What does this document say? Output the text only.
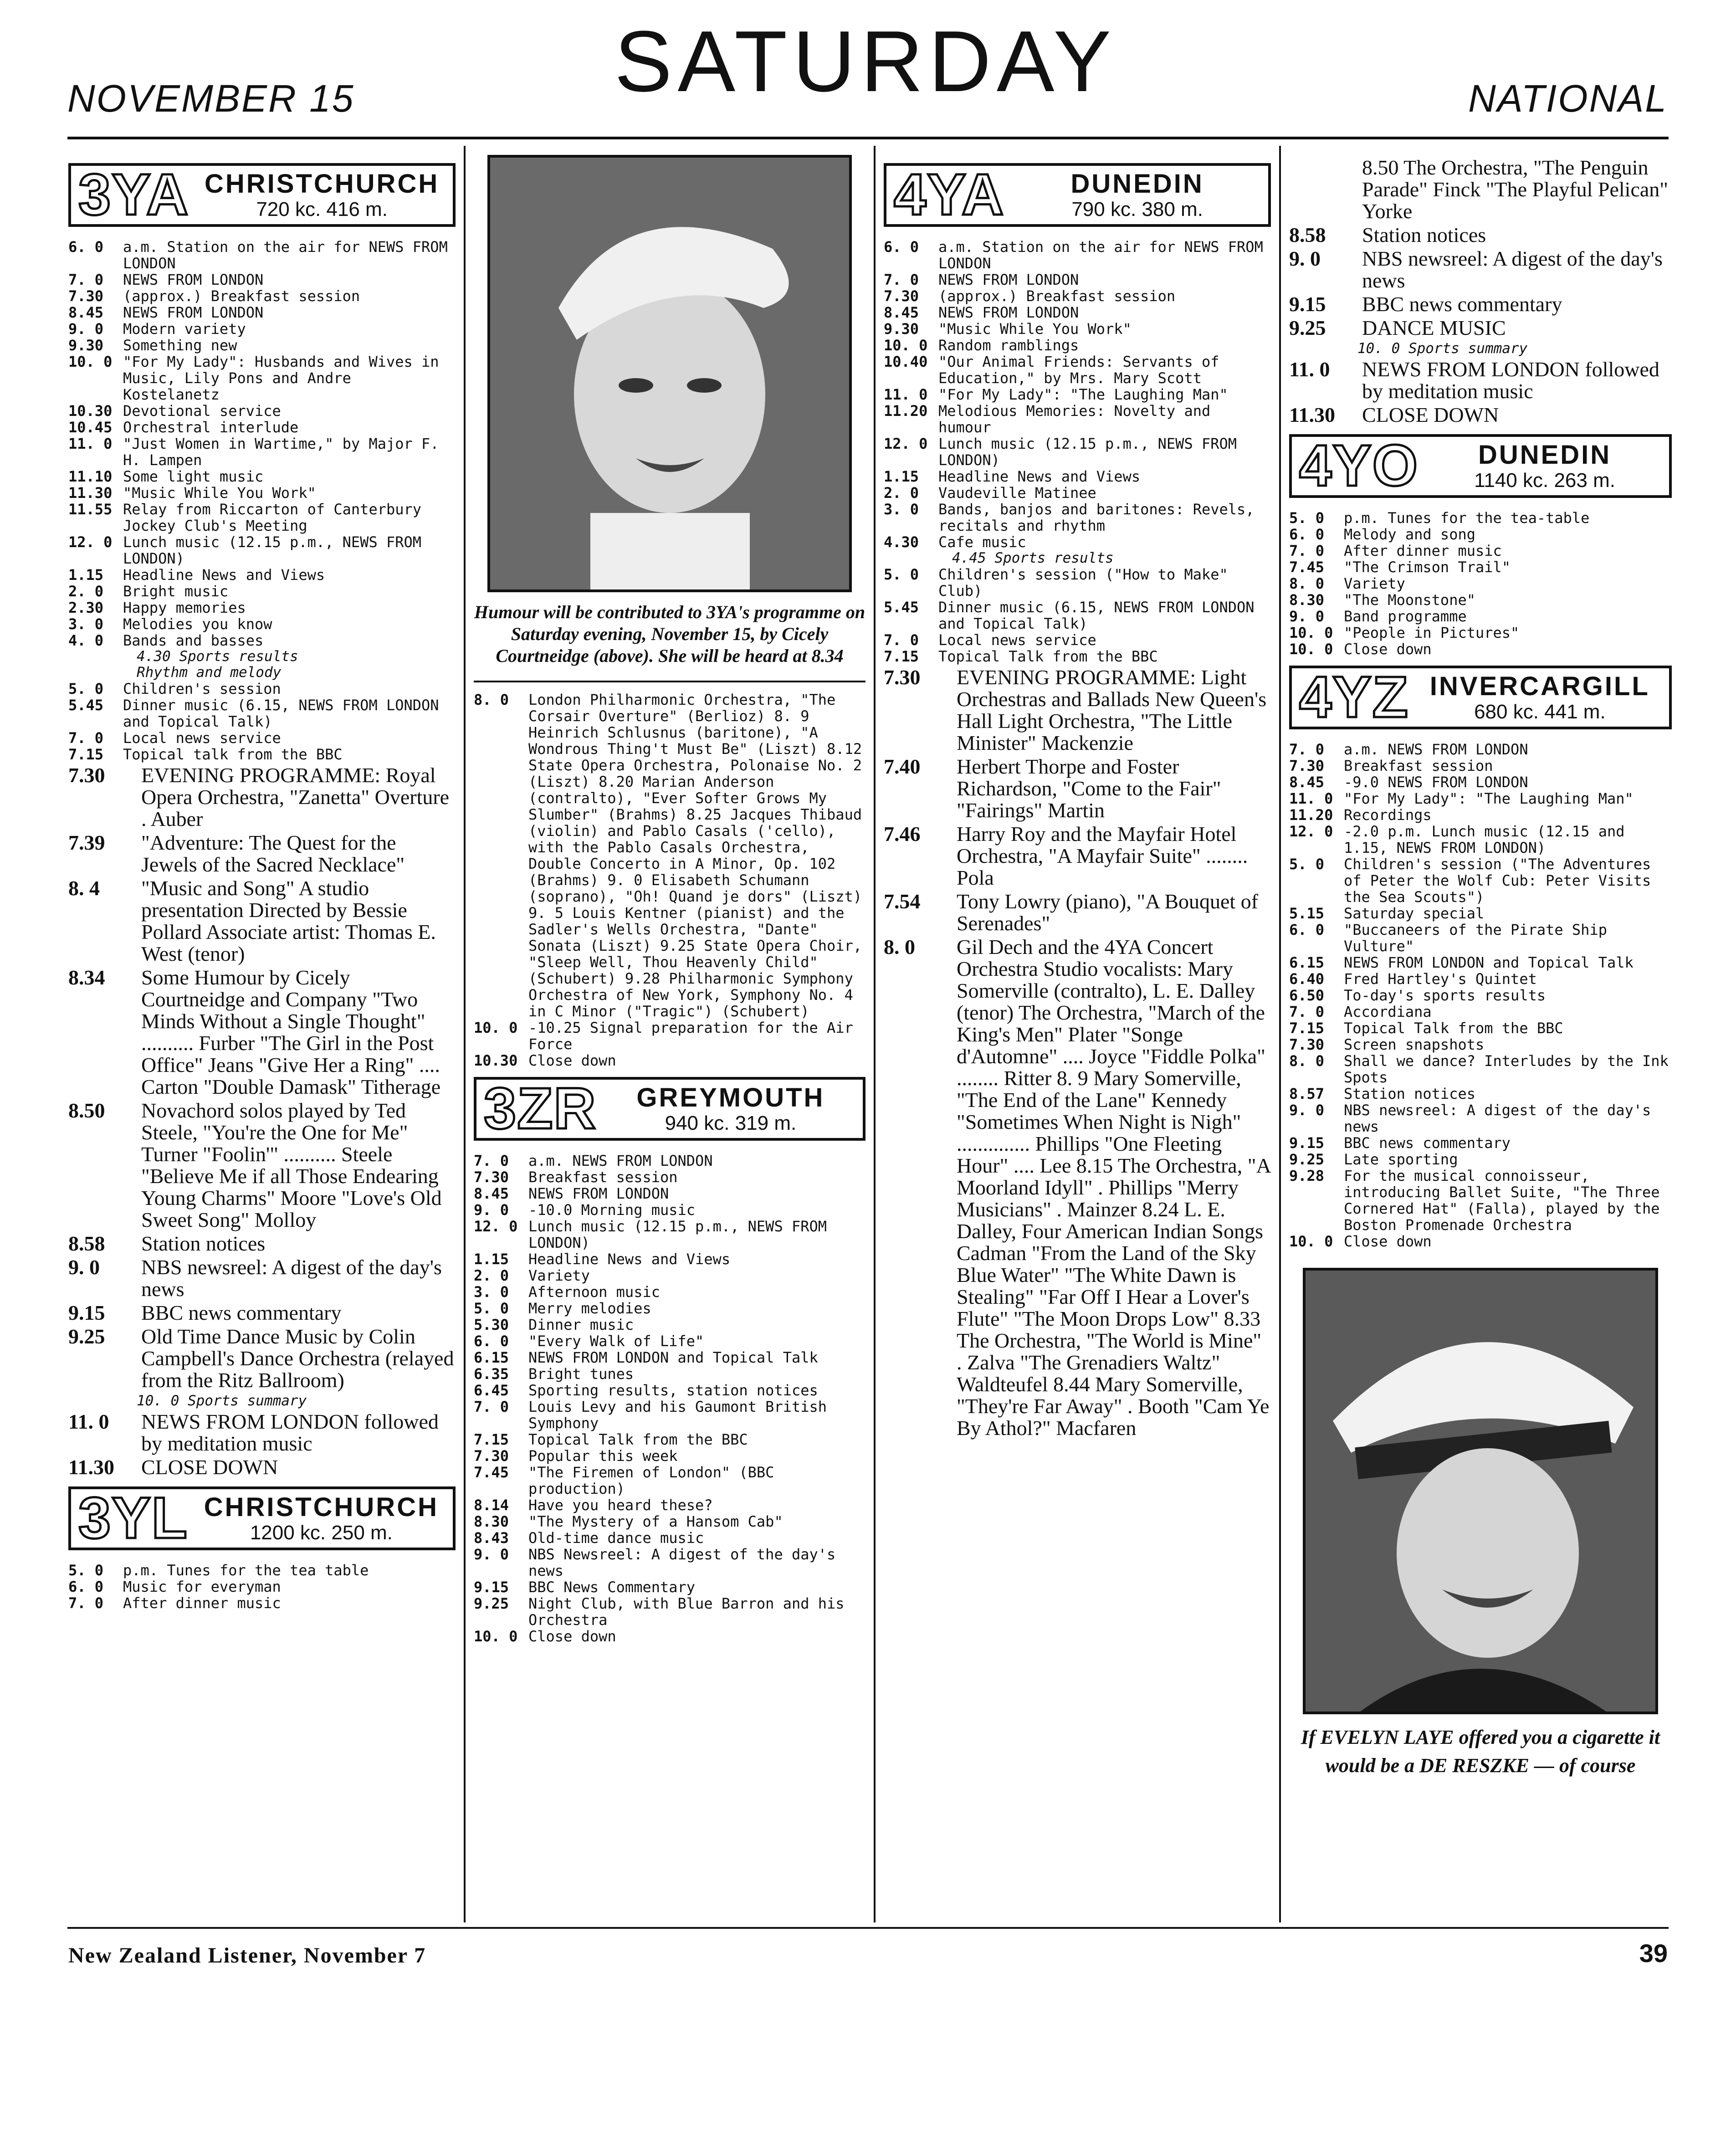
NOVEMBER 15	SATURDAY	NATIONAL
3YA CHRISTCHURCH
720 kc. 416 m.
6. 0	a.m. Station on the air for NEWS FROM LONDON
7. 0	NEWS FROM LONDON
7.30	(approx.) Breakfast session
8.45	NEWS FROM LONDON
9. 0	Modern variety
9.30	Something new
10. 0 "For My Lady": Husbands and Wives in Music, Lily Pons and Andre Kostelanetz
10.30 Devotional service
10.45 Orchestral interlude
11. 0 "Just Women in Wartime," by Major F. H. Lampen
11.10 Some light music
11.30 "Music While You Work"
11.55 Relay from Riccarton of Canterbury Jockey Club's Meeting
12. 0 Lunch music (12.15 p.m., NEWS FROM LONDON)
1.15	Headline News and Views
2. 0	Bright music
2.30	Happy memories
3. 0	Melodies you know
4. 0	Bands and basses
4.30 Sports results
Rhythm and melody
5. 0	Children's session
5.45	Dinner music (6.15, NEWS FROM LONDON and Topical Talk)
7. 0	Local news service
7.15	Topical talk from the BBC
7.30	EVENING PROGRAMME: Royal Opera Orchestra, "Zanetta" Overture . Auber
7.39	"Adventure: The Quest for the Jewels of the Sacred Necklace"
8. 4	"Music and Song" A studio presentation Directed by Bessie Pollard Associate artist: Thomas E. West (tenor)
8.34	Some Humour by Cicely Courtneidge and Company "Two Minds Without a Single Thought" .......... Furber "The Girl in the Post Office" Jeans "Give Her a Ring" .... Carton "Double Damask" Titherage
8.50	Novachord solos played by Ted Steele, "You're the One for Me" Turner "Foolin'" .......... Steele "Believe Me if all Those Endearing Young Charms" Moore "Love's Old Sweet Song" Molloy
8.58	Station notices
9. 0	NBS newsreel: A digest of the day's news
9.15	BBC news commentary
9.25	Old Time Dance Music by Colin Campbell's Dance Orchestra (relayed from the Ritz Ballroom)
10. 0 Sports summary
11. 0	NEWS FROM LONDON followed by meditation music
11.30	CLOSE DOWN
3YL CHRISTCHURCH
1200 kc. 250 m.
5. 0	p.m. Tunes for the tea table
6. 0	Music for everyman
7. 0	After dinner music
Humour will be contributed to 3YA's programme on Saturday evening, November 15, by Cicely Courtneidge (above). She will be heard at 8.34
8. 0	London Philharmonic Orchestra, "The Corsair Overture" (Berlioz) 8. 9 Heinrich Schlusnus (baritone), "A Wondrous Thing't Must Be" (Liszt) 8.12 State Opera Orchestra, Polonaise No. 2 (Liszt) 8.20 Marian Anderson (contralto), "Ever Softer Grows My Slumber" (Brahms) 8.25 Jacques Thibaud (violin) and Pablo Casals ('cello), with the Pablo Casals Orchestra, Double Concerto in A Minor, Op. 102 (Brahms) 9. 0 Elisabeth Schumann (soprano), "Oh! Quand je dors" (Liszt) 9. 5 Louis Kentner (pianist) and the Sadler's Wells Orchestra, "Dante" Sonata (Liszt) 9.25 State Opera Choir, "Sleep Well, Thou Heavenly Child" (Schubert) 9.28 Philharmonic Symphony Orchestra of New York, Symphony No. 4 in C Minor ("Tragic") (Schubert)
10. 0 -10.25 Signal preparation for the Air Force
10.30 Close down
3ZR	GREYMOUTH
940 kc. 319 m.
7. 0	a.m. NEWS FROM LONDON
7.30	Breakfast session
8.45	NEWS FROM LONDON
9. 0	-10.0 Morning music
12. 0 Lunch music (12.15 p.m., NEWS FROM LONDON)
1.15	Headline News and Views
2. 0	Variety
3. 0	Afternoon music
5. 0	Merry melodies
5.30	Dinner music
6. 0	"Every Walk of Life"
6.15	NEWS FROM LONDON and Topical Talk
6.35	Bright tunes
6.45	Sporting results, station notices
7. 0	Louis Levy and his Gaumont British Symphony
7.15	Topical Talk from the BBC
7.30	Popular this week
7.45	"The Firemen of London" (BBC production)
8.14	Have you heard these?
8.30	"The Mystery of a Hansom Cab"
8.43	Old-time dance music
9. 0	NBS Newsreel: A digest of the day's news
9.15	BBC News Commentary
9.25	Night Club, with Blue Barron and his Orchestra
10. 0 Close down
4YA	DUNEDIN
790 kc. 380 m.
6. 0	a.m. Station on the air for NEWS FROM LONDON
7. 0	NEWS FROM LONDON
7.30	(approx.) Breakfast session
8.45	NEWS FROM LONDON
9.30	"Music While You Work"
10. 0 Random ramblings
10.40 "Our Animal Friends: Servants of Education," by Mrs. Mary Scott
11. 0 "For My Lady": "The Laughing Man"
11.20 Melodious Memories: Novelty and humour
12. 0 Lunch music (12.15 p.m., NEWS FROM LONDON)
1.15	Headline News and Views
2. 0	Vaudeville Matinee
3. 0	Bands, banjos and baritones: Revels, recitals and rhythm
4.30	Cafe music
4.45 Sports results
5. 0	Children's session ("How to Make" Club)
5.45	Dinner music (6.15, NEWS FROM LONDON and Topical Talk)
7. 0	Local news service
7.15	Topical Talk from the BBC
7.30	EVENING PROGRAMME: Light Orchestras and Ballads New Queen's Hall Light Orchestra, "The Little Minister" Mackenzie
7.40	Herbert Thorpe and Foster Richardson, "Come to the Fair" "Fairings" Martin
7.46	Harry Roy and the Mayfair Hotel Orchestra, "A Mayfair Suite" ........ Pola
7.54	Tony Lowry (piano), "A Bouquet of Serenades"
8. 0	Gil Dech and the 4YA Concert Orchestra Studio vocalists: Mary Somerville (contralto), L. E. Dalley (tenor) The Orchestra, "March of the King's Men" Plater "Songe d'Automne" .... Joyce "Fiddle Polka" ........ Ritter 8. 9 Mary Somerville, "The End of the Lane" Kennedy "Sometimes When Night is Nigh" .............. Phillips "One Fleeting Hour" .... Lee 8.15 The Orchestra, "A Moorland Idyll" . Phillips "Merry Musicians" . Mainzer 8.24 L. E. Dalley, Four American Indian Songs Cadman "From the Land of the Sky Blue Water" "The White Dawn is Stealing" "Far Off I Hear a Lover's Flute" "The Moon Drops Low" 8.33 The Orchestra, "The World is Mine" . Zalva "The Grenadiers Waltz" Waldteufel 8.44 Mary Somerville, "They're Far Away" . Booth "Cam Ye By Athol?" Macfaren
8.50 The Orchestra, "The Penguin Parade" Finck "The Playful Pelican" Yorke
8.58	Station notices
9. 0	NBS newsreel: A digest of the day's news
9.15	BBC news commentary
9.25	DANCE MUSIC
10. 0 Sports summary
11. 0	NEWS FROM LONDON followed by meditation music
11.30	CLOSE DOWN
4YO	DUNEDIN
1140 kc. 263 m.
5. 0	p.m. Tunes for the tea-table
6. 0	Melody and song
7. 0	After dinner music
7.45	"The Crimson Trail"
8. 0	Variety
8.30	"The Moonstone"
9. 0	Band programme
10. 0 "People in Pictures"
10. 0 Close down
4YZ INVERCARGILL
680 kc. 441 m.
7. 0	a.m. NEWS FROM LONDON
7.30	Breakfast session
8.45	-9.0 NEWS FROM LONDON
11. 0 "For My Lady": "The Laughing Man"
11.20 Recordings
12. 0 -2.0 p.m. Lunch music (12.15 and 1.15, NEWS FROM LONDON)
5. 0	Children's session ("The Adventures of Peter the Wolf Cub: Peter Visits the Sea Scouts")
5.15	Saturday special
6. 0	"Buccaneers of the Pirate Ship Vulture"
6.15	NEWS FROM LONDON and Topical Talk
6.40	Fred Hartley's Quintet
6.50	To-day's sports results
7. 0	Accordiana
7.15	Topical Talk from the BBC
7.30	Screen snapshots
8. 0	Shall we dance? Interludes by the Ink Spots
8.57	Station notices
9. 0	NBS newsreel: A digest of the day's news
9.15	BBC news commentary
9.25	Late sporting
9.28	For the musical connoisseur, introducing Ballet Suite, "The Three Cornered Hat" (Falla), played by the Boston Promenade Orchestra
10. 0 Close down
If EVELYN LAYE offered you a cigarette it would be a DE RESZKE — of course
New Zealand Listener, November 7	39
